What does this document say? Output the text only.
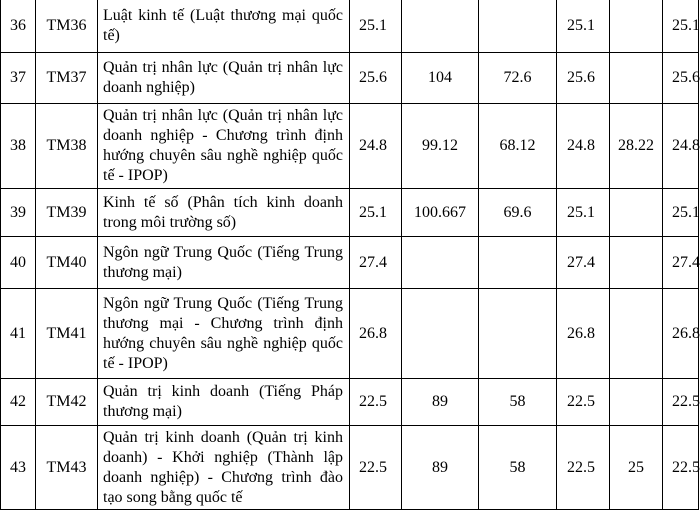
36	TM36	Luật kinh tế (Luật thương mại quốc tế)	25.1			25.1		25.1
37	TM37	Quản trị nhân lực (Quản trị nhân lực doanh nghiệp)	25.6	104	72.6	25.6		25.6
38	TM38	Quản trị nhân lực (Quản trị nhân lực doanh nghiệp - Chương trình định hướng chuyên sâu nghề nghiệp quốc tế - IPOP)	24.8	99.12	68.12	24.8	28.22	24.8
39	TM39	Kinh tế số (Phân tích kinh doanh trong môi trường số)	25.1	100.667	69.6	25.1		25.1
40	TM40	Ngôn ngữ Trung Quốc (Tiếng Trung thương mại)	27.4			27.4		27.4
41	TM41	Ngôn ngữ Trung Quốc (Tiếng Trung thương mại - Chương trình định hướng chuyên sâu nghề nghiệp quốc tế - IPOP)	26.8			26.8		26.8
42	TM42	Quản trị kinh doanh (Tiếng Pháp thương mại)	22.5	89	58	22.5		22.5
43	TM43	Quản trị kinh doanh (Quản trị kinh doanh) - Khởi nghiệp (Thành lập doanh nghiệp) - Chương trình đào tạo song bằng quốc tế	22.5	89	58	22.5	25	22.5
